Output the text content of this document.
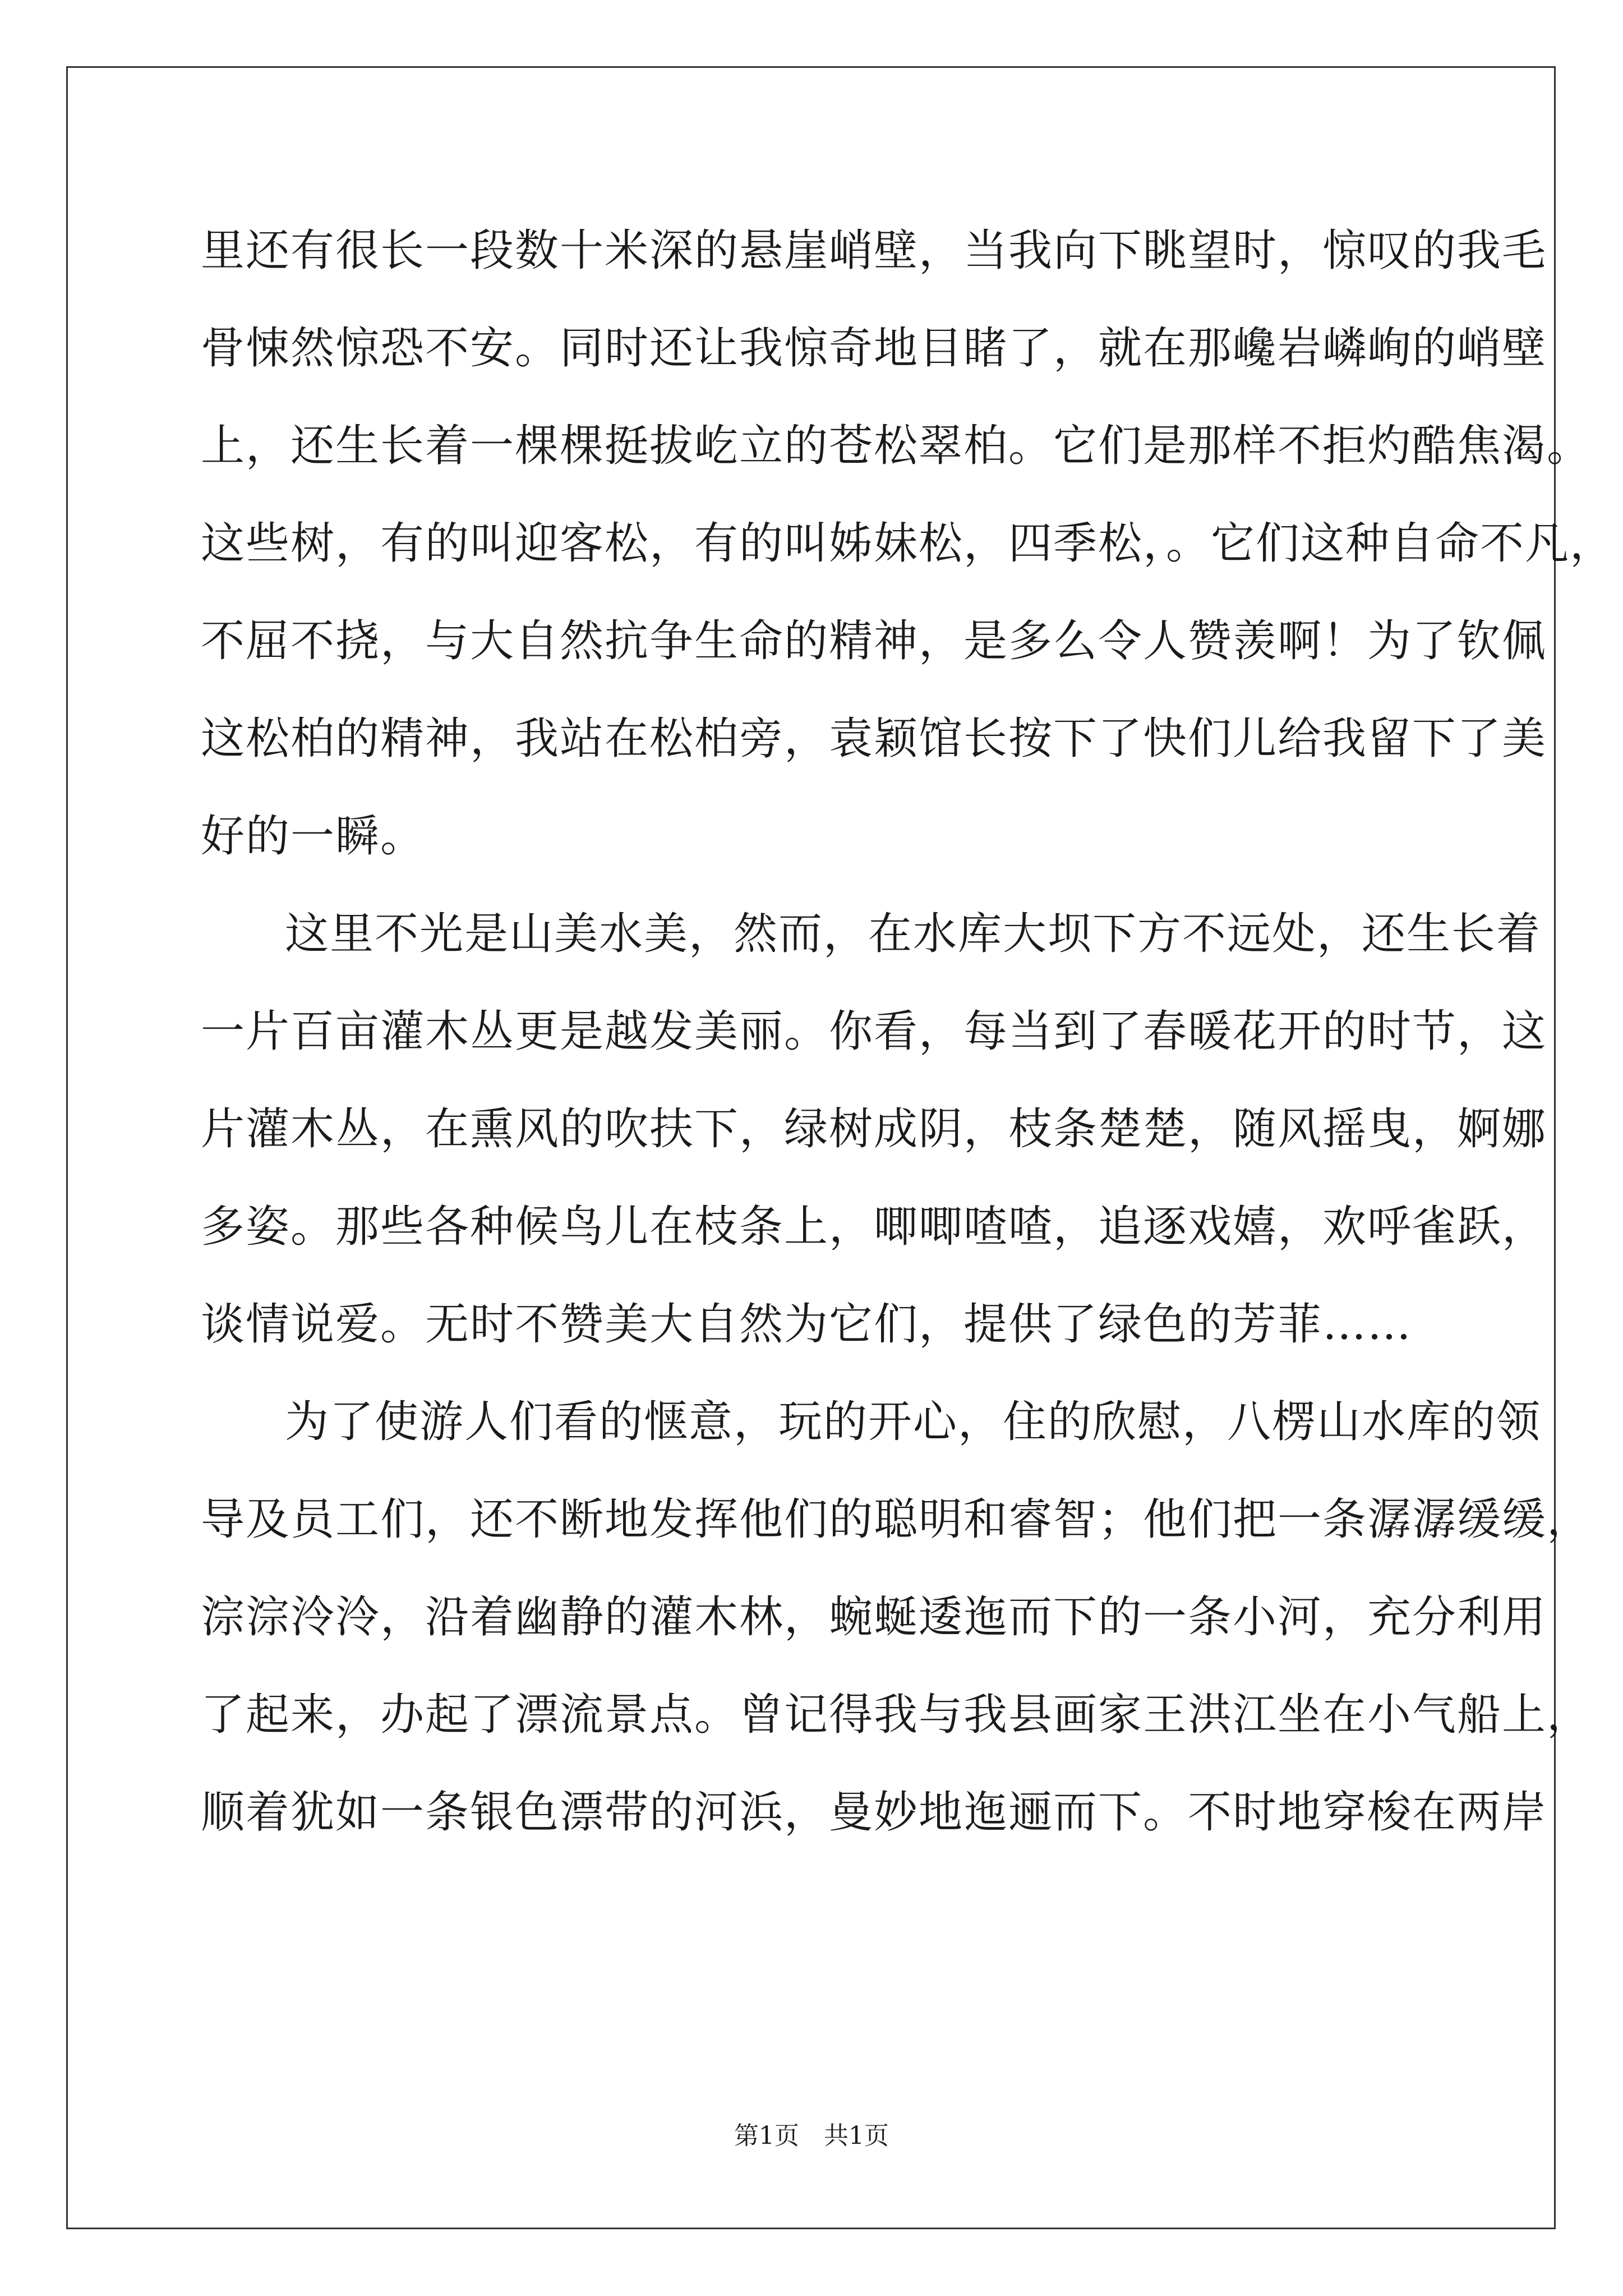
里还有很长一段数十米深的悬崖峭壁，当我向下眺望时，惊叹的我毛
骨悚然惊恐不安。同时还让我惊奇地目睹了，就在那巉岩嶙峋的峭壁
上，还生长着一棵棵挺拔屹立的苍松翠柏。它们是那样不拒灼酷焦渴。
这些树，有的叫迎客松，有的叫姊妹松，四季松，。它们这种自命不凡，
不屈不挠，与大自然抗争生命的精神，是多么令人赞羡啊！为了钦佩
这松柏的精神，我站在松柏旁，袁颖馆长按下了快们儿给我留下了美
好的一瞬。
这里不光是山美水美，然而，在水库大坝下方不远处，还生长着
一片百亩灌木丛更是越发美丽。你看，每当到了春暖花开的时节，这
片灌木丛，在熏风的吹扶下，绿树成阴，枝条楚楚，随风摇曳，婀娜
多姿。那些各种候鸟儿在枝条上，唧唧喳喳，追逐戏嬉，欢呼雀跃，
谈情说爱。无时不赞美大自然为它们，提供了绿色的芳菲……
为了使游人们看的惬意，玩的开心，住的欣慰，八楞山水库的领
导及员工们，还不断地发挥他们的聪明和睿智；他们把一条潺潺缓缓，
淙淙泠泠，沿着幽静的灌木林，蜿蜒逶迤而下的一条小河，充分利用
了起来，办起了漂流景点。曾记得我与我县画家王洪江坐在小气船上，
顺着犹如一条银色漂带的河浜，曼妙地迤逦而下。不时地穿梭在两岸
第1页　共1页
